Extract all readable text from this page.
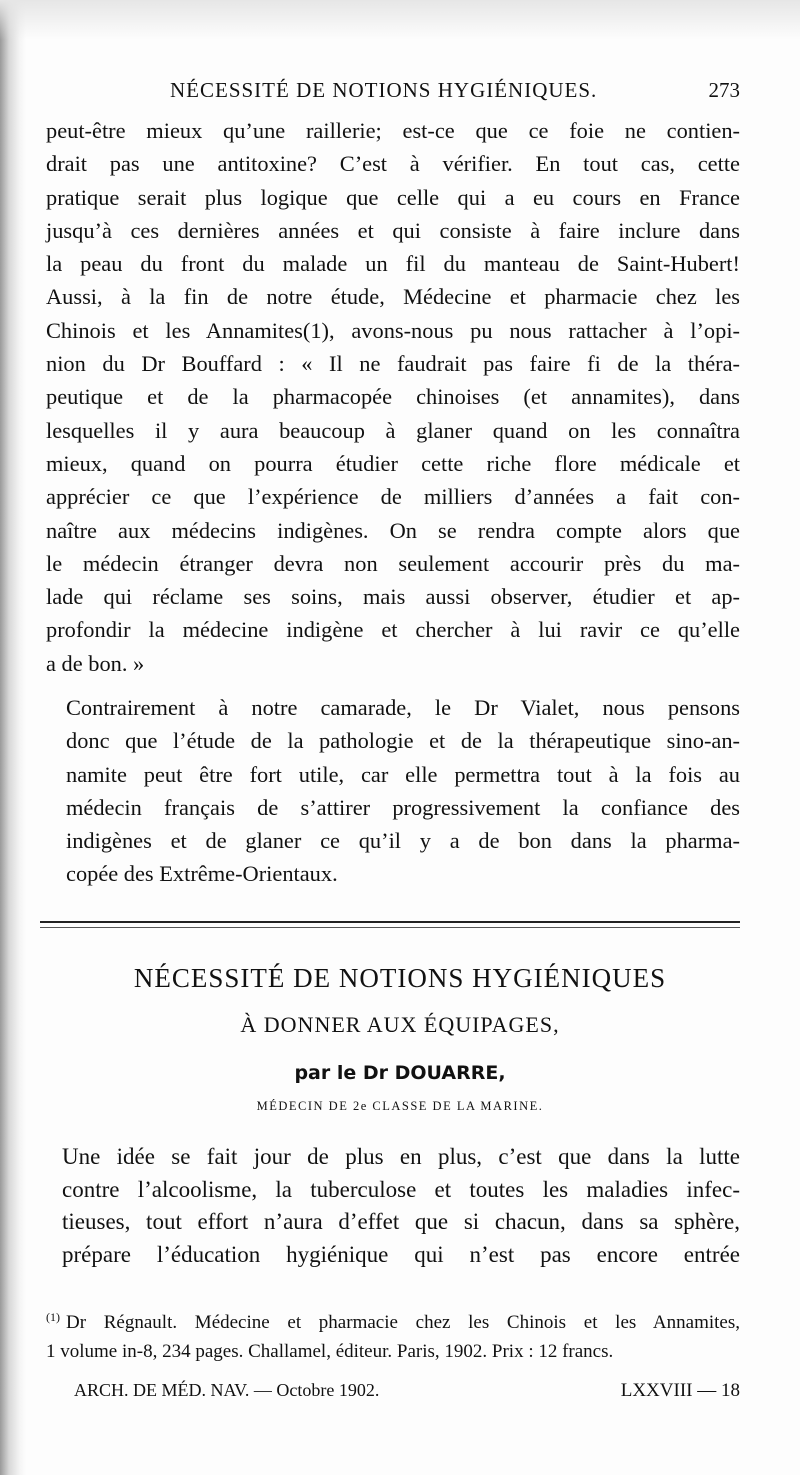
NÉCESSITÉ DE NOTIONS HYGIÉNIQUES.	273
peut-être mieux qu’une raillerie; est-ce que ce foie ne contien-
drait pas une antitoxine? C’est à vérifier. En tout cas, cette
pratique serait plus logique que celle qui a eu cours en France
jusqu’à ces dernières années et qui consiste à faire inclure dans
la peau du front du malade un fil du manteau de Saint-Hubert!
Aussi, à la fin de notre étude, Médecine et pharmacie chez les
Chinois et les Annamites(1), avons-nous pu nous rattacher à l’opi-
nion du Dr Bouffard : « Il ne faudrait pas faire fi de la théra-
peutique et de la pharmacopée chinoises (et annamites), dans
lesquelles il y aura beaucoup à glaner quand on les connaîtra
mieux, quand on pourra étudier cette riche flore médicale et
apprécier ce que l’expérience de milliers d’années a fait con-
naître aux médecins indigènes. On se rendra compte alors que
le médecin étranger devra non seulement accourir près du ma-
lade qui réclame ses soins, mais aussi observer, étudier et ap-
profondir la médecine indigène et chercher à lui ravir ce qu’elle
a de bon. »
Contrairement à notre camarade, le Dr Vialet, nous pensons
donc que l’étude de la pathologie et de la thérapeutique sino-an-
namite peut être fort utile, car elle permettra tout à la fois au
médecin français de s’attirer progressivement la confiance des
indigènes et de glaner ce qu’il y a de bon dans la pharma-
copée des Extrême-Orientaux.
NÉCESSITÉ DE NOTIONS HYGIÉNIQUES
À DONNER AUX ÉQUIPAGES,
par le Dr DOUARRE,
MÉDECIN DE 2e CLASSE DE LA MARINE.
Une idée se fait jour de plus en plus, c’est que dans la lutte
contre l’alcoolisme, la tuberculose et toutes les maladies infec-
tieuses, tout effort n’aura d’effet que si chacun, dans sa sphère,
prépare l’éducation hygiénique qui n’est pas encore entrée
$^{(1)}$ Dr Régnault. Médecine et pharmacie chez les Chinois et les Annamites,
1 volume in-8, 234 pages. Challamel, éditeur. Paris, 1902. Prix : 12 francs.
ARCH. DE MÉD. NAV. — Octobre 1902.	LXXVIII — 18
